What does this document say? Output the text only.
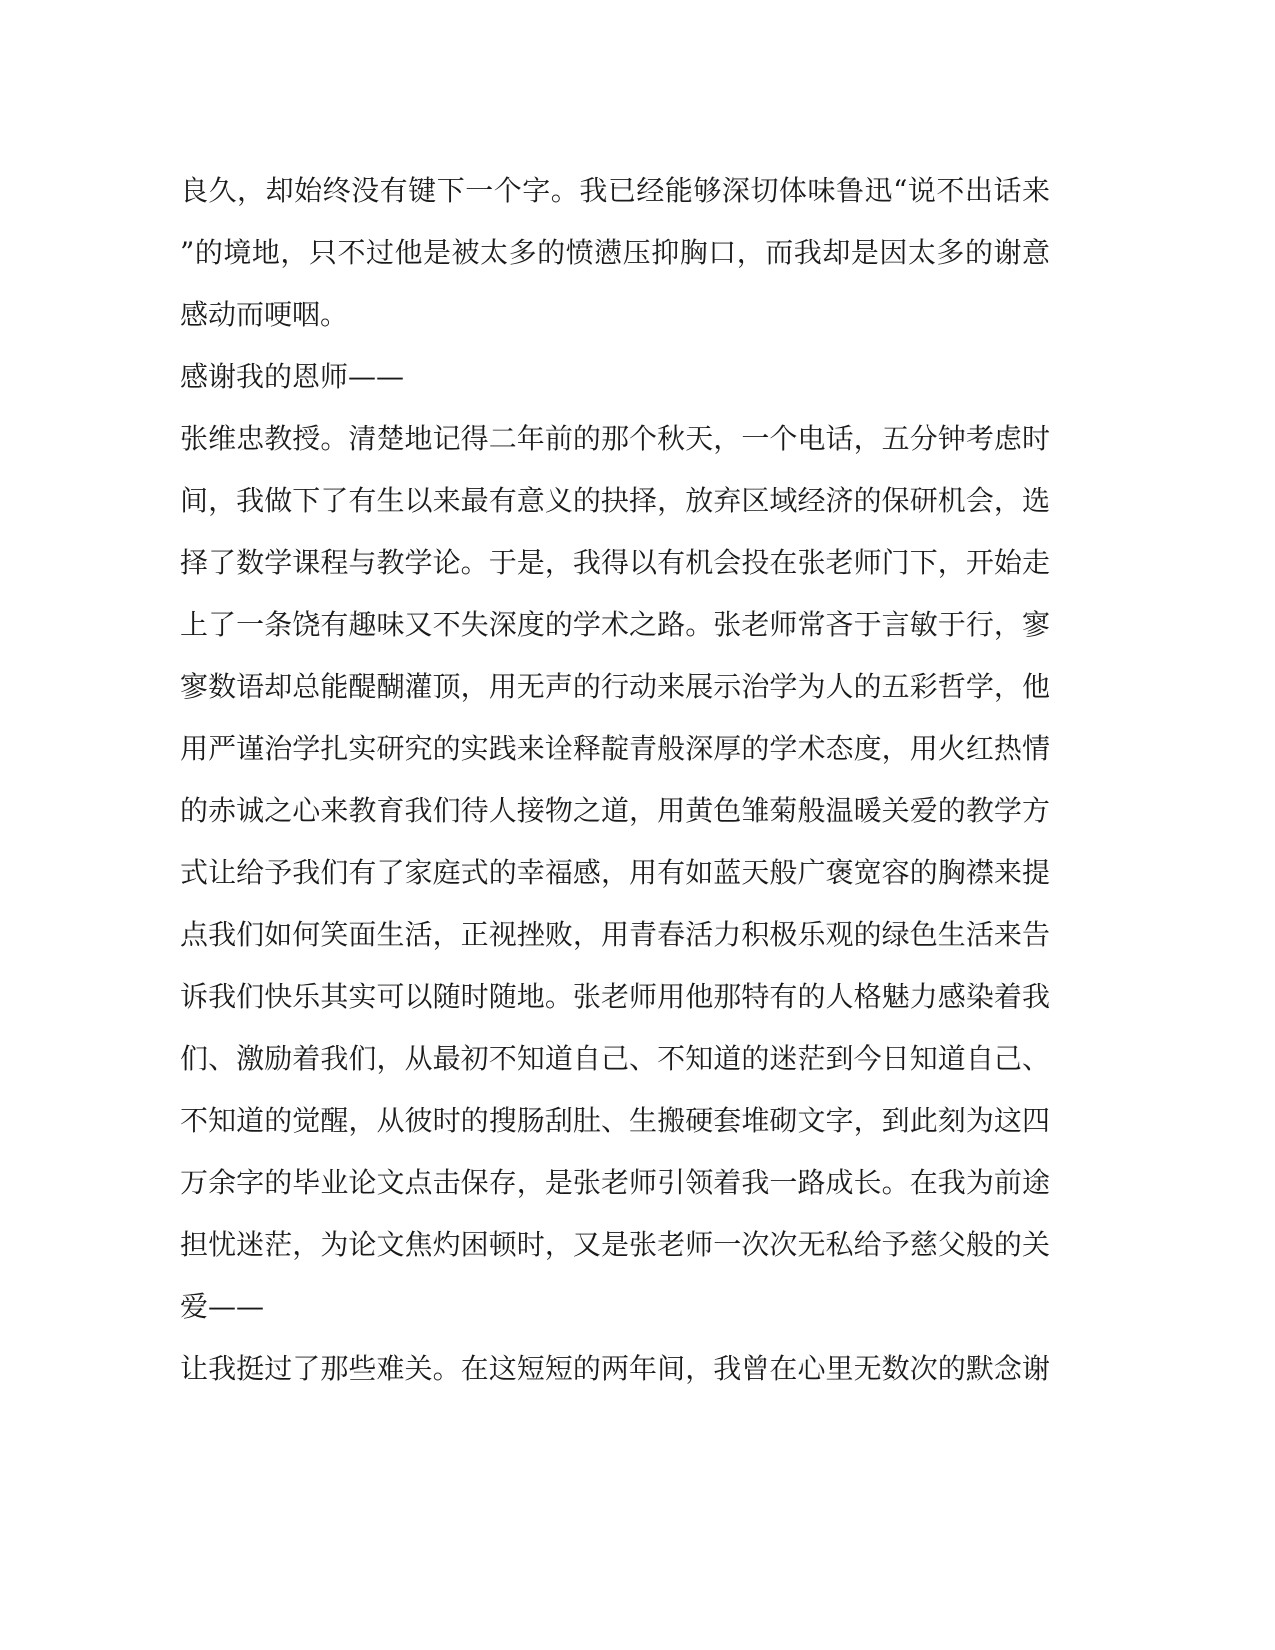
良久，却始终没有键下一个字。我已经能够深切体味鲁迅“说不出话来
”的境地，只不过他是被太多的愤懑压抑胸口，而我却是因太多的谢意
感动而哽咽。
感谢我的恩师——
张维忠教授。清楚地记得二年前的那个秋天，一个电话，五分钟考虑时
间，我做下了有生以来最有意义的抉择，放弃区域经济的保研机会，选
择了数学课程与教学论。于是，我得以有机会投在张老师门下，开始走
上了一条饶有趣味又不失深度的学术之路。张老师常吝于言敏于行，寥
寥数语却总能醍醐灌顶，用无声的行动来展示治学为人的五彩哲学，他
用严谨治学扎实研究的实践来诠释靛青般深厚的学术态度，用火红热情
的赤诚之心来教育我们待人接物之道，用黄色雏菊般温暖关爱的教学方
式让给予我们有了家庭式的幸福感，用有如蓝天般广褒宽容的胸襟来提
点我们如何笑面生活，正视挫败，用青春活力积极乐观的绿色生活来告
诉我们快乐其实可以随时随地。张老师用他那特有的人格魅力感染着我
们、激励着我们，从最初不知道自己、不知道的迷茫到今日知道自己、
不知道的觉醒，从彼时的搜肠刮肚、生搬硬套堆砌文字，到此刻为这四
万余字的毕业论文点击保存，是张老师引领着我一路成长。在我为前途
担忧迷茫，为论文焦灼困顿时，又是张老师一次次无私给予慈父般的关
爱——
让我挺过了那些难关。在这短短的两年间，我曾在心里无数次的默念谢
